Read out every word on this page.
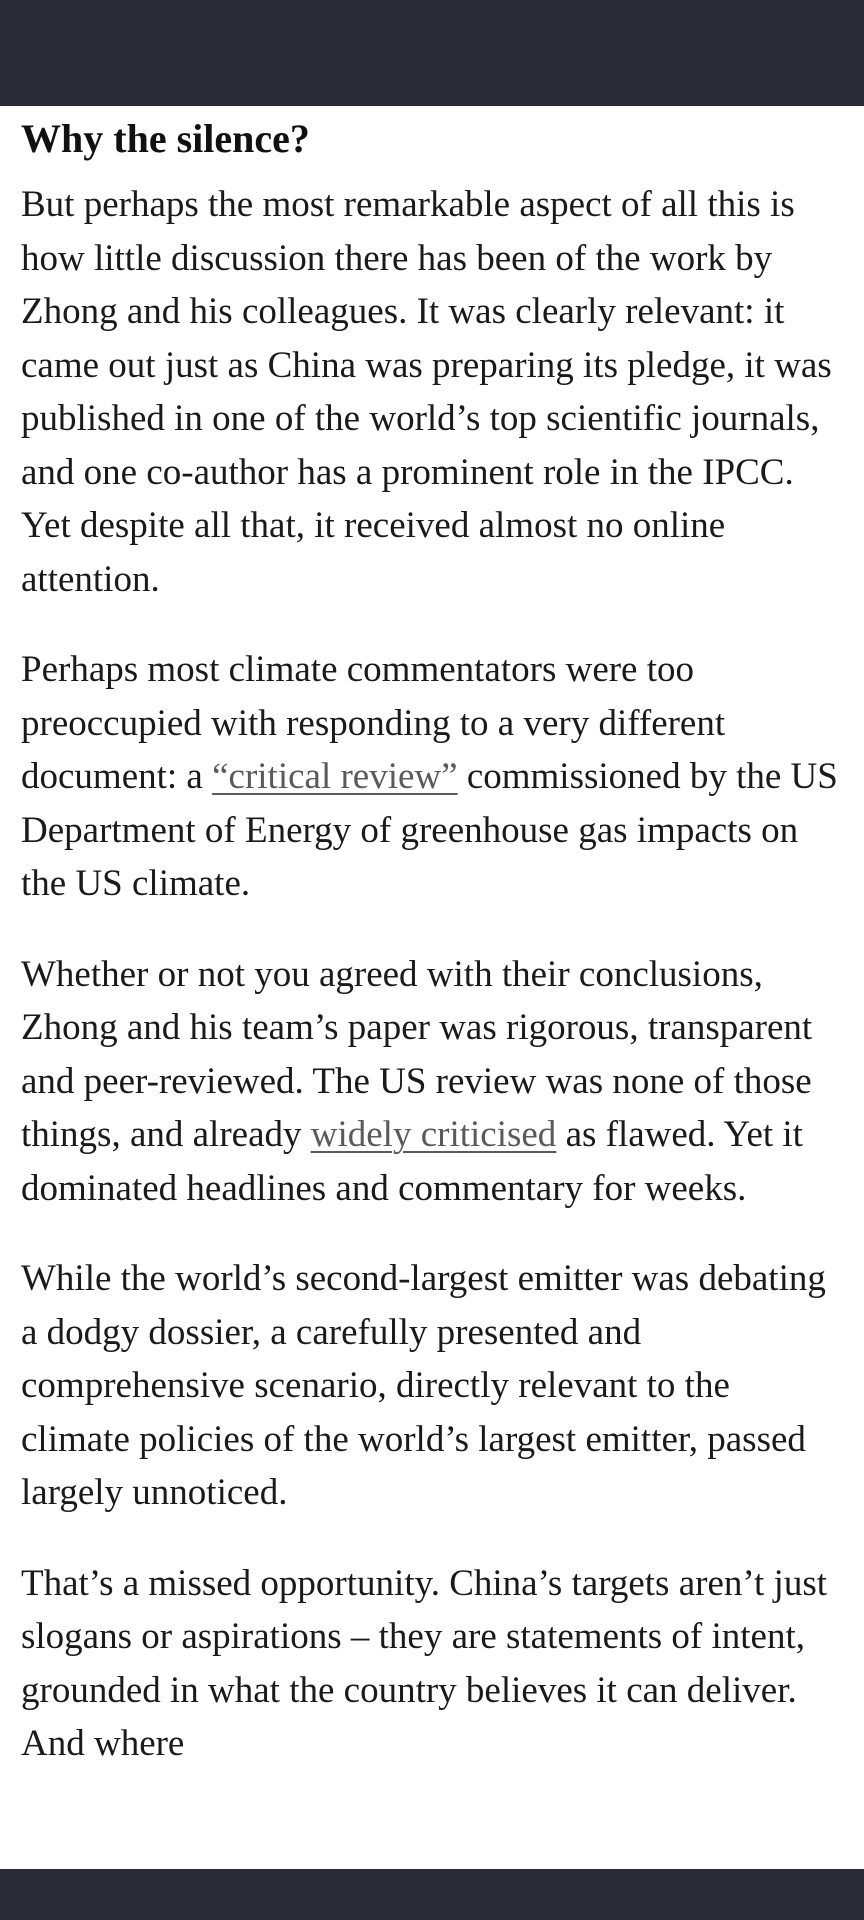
Why the silence?

But perhaps the most remarkable aspect of all this is how little discussion there has been of the work by Zhong and his colleagues. It was clearly relevant: it came out just as China was preparing its pledge, it was published in one of the world’s top scientific journals, and one co-author has a prominent role in the IPCC. Yet despite all that, it received almost no online attention.

Perhaps most climate commentators were too preoccupied with responding to a very different document: a “critical review” commissioned by the US Department of Energy of greenhouse gas impacts on the US climate.

Whether or not you agreed with their conclusions, Zhong and his team’s paper was rigorous, transparent and peer-reviewed. The US review was none of those things, and already widely criticised as flawed. Yet it dominated headlines and commentary for weeks.

While the world’s second-largest emitter was debating a dodgy dossier, a carefully presented and comprehensive scenario, directly relevant to the climate policies of the world’s largest emitter, passed largely unnoticed.

That’s a missed opportunity. China’s targets aren’t just slogans or aspirations – they are statements of intent, grounded in what the country believes it can deliver. And where
